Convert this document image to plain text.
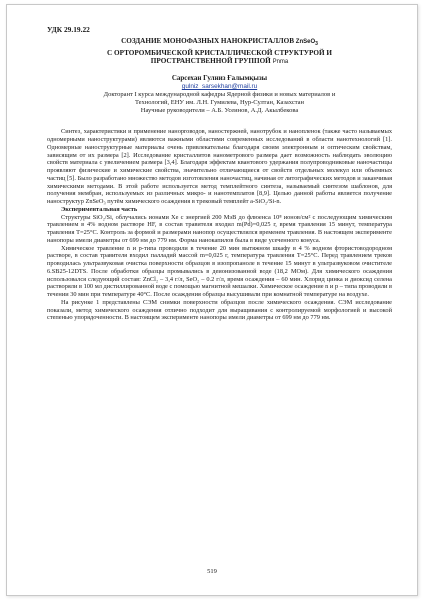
УДК 29.19.22
СОЗДАНИЕ МОНОФАЗНЫХ НАНОКРИСТАЛЛОВ ZnSeO$_3$
С ОРТОРОМБИЧЕСКОЙ КРИСТАЛЛИЧЕСКОЙ СТРУКТУРОЙ И
ПРОСТРАНСТВЕННОЙ ГРУППОЙ Pnma
Сарсехан Гулниз Ғалымқызы
gulniz_sarsekhan@mail.ru
Докторант I курса международной кафедры Ядерной физики и новых материалов и
Технологий, ЕНУ им. Л.Н. Гумилева, Нур-Султан, Казахстан
Научные руководители – А.Б. Усеинов, А.Д. Акылбекова

Синтез, характеристики и применение наноproводов, наностержней, нанотрубок и нанопленок (также часто называемых одномерными наноструктурами) являются важными областями современных исследований в области нанотехнологий [1]. Одномерные наноструктурные материалы очень привлекательны благодаря своим электронным и оптическим свойствам, зависящим от их размера [2]. Исследование кристаллитов нанометрового размера дает возможность наблюдать эволюцию свойств материала с увеличением размера [3,4]. Благодаря эффектам квантового удержания полупроводниковые наночастицы проявляют физические и химические свойства, значительно отличающиеся от свойств отдельных молекул или объемных частиц [5]. Было разработано множество методов изготовления наночастиц, начиная от литографических методов и заканчивая химическими методами. В этой работе используется метод темплейтного синтеза, называемый синтезом шаблонов, для получения мембран, используемых из различных микро- и нанотемплатов [8,9]. Целью данной работы является получение наноструктур ZnSeO₃ путём химического осаждения в трековый темплейт a-SiO₂/Si-n.

Экспериментальная часть

Структуры SiO₂/Si, облучались ионами Xe с энергией 200 МэВ до флюенса 10⁸ ионов/см² с последующим химическим травлением в 4% водном растворе HF, в состав травителя входил m(Pd)=0,025 г, время травления 15 минут, температура травления T=25°C. Контроль за формой и размерами нанопор осуществлялся временем травления. В настоящем эксперименте нанопоры имели диаметры от 699 нм до 779 нм. Форма нанокапилов была в виде усеченного конуса.

Химическое травление n и p-типа проводили в течение 20 мин вытяжном шкафу в 4 % водном фтористоводородном растворе, в состав травителя входил палладий массой m=0,025 г, температура травления T=25°C. Перед травлением треков проводилась ультразвуковая очистка поверхности образцов в изопропаноле в течение 15 минут в ультразвуковом очистителе 6.SB25-12DTS. После обработки образцы промывались в деионизованной воде (18,2 МОм). Для химического осаждения использовался следующий состав: ZnCl₂ – 3,4 г/л, SeO₂ – 0.2 г/л, время осаждения – 60 мин. Хлорид цинка и диоксид селена растворяли в 100 мл дистиллированной воде с помощью магнитной мешалки. Химическое осаждение n и p – типа проводили в течении 30 мин при температуре 40°C. После осаждения образцы высушивали при комнатной температуре на воздухе.

На рисунке 1 представлены СЭМ снимки поверхности образцов после химического осаждения. СЭМ исследование показали, метод химического осаждения отлично подходит для выращивания с контролируемой морфологией и высокой степенью упорядоченности. В настоящем эксперименте нанопоры имели диаметры от 699 нм до 779 нм.

519
